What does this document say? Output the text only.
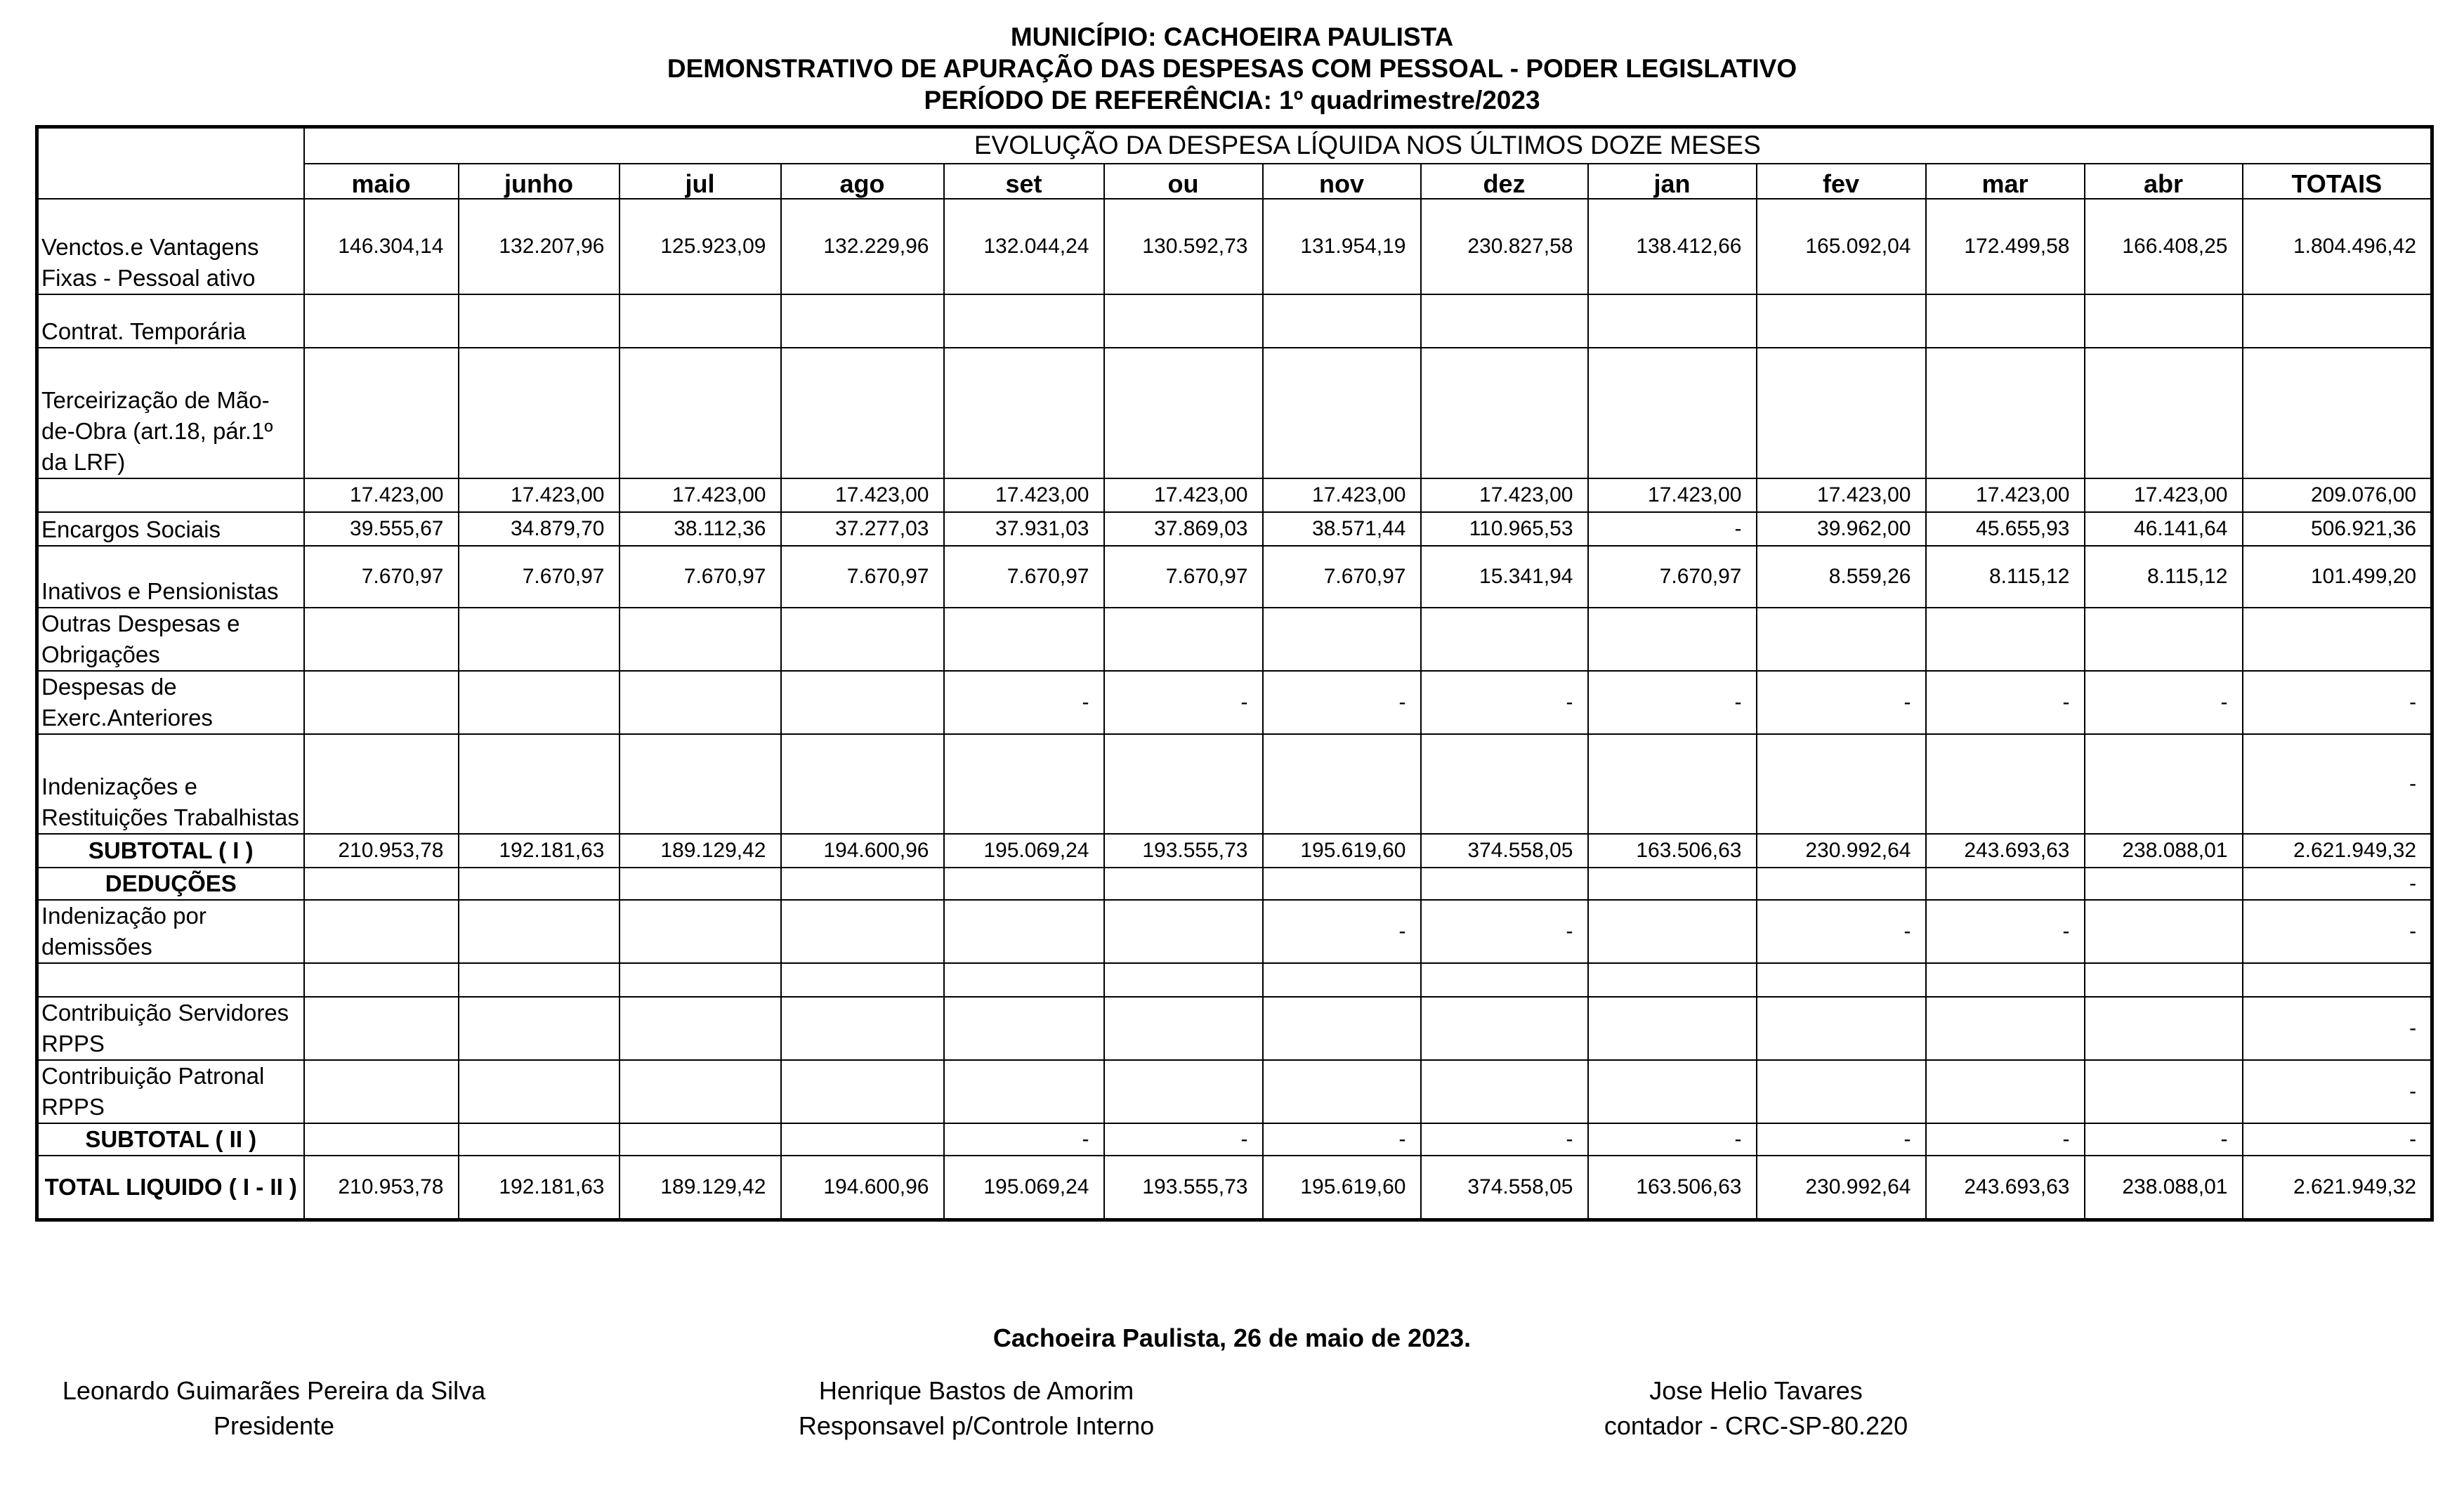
MUNICÍPIO: CACHOEIRA PAULISTA
DEMONSTRATIVO DE APURAÇÃO DAS DESPESAS COM PESSOAL - PODER LEGISLATIVO
PERÍODO DE REFERÊNCIA: 1º quadrimestre/2023
	EVOLUÇÃO DA DESPESA LÍQUIDA NOS ÚLTIMOS DOZE MESES												
	maio	junho	jul	ago	set	ou	nov	dez	jan	fev	mar	abr	TOTAIS
Venctos.e Vantagens Fixas - Pessoal ativo	146.304,14	132.207,96	125.923,09	132.229,96	132.044,24	130.592,73	131.954,19	230.827,58	138.412,66	165.092,04	172.499,58	166.408,25	1.804.496,42
Contrat. Temporária													
Terceirização de Mão-de-Obra (art.18, pár.1º da LRF)													
	17.423,00	17.423,00	17.423,00	17.423,00	17.423,00	17.423,00	17.423,00	17.423,00	17.423,00	17.423,00	17.423,00	17.423,00	209.076,00
Encargos Sociais	39.555,67	34.879,70	38.112,36	37.277,03	37.931,03	37.869,03	38.571,44	110.965,53	-	39.962,00	45.655,93	46.141,64	506.921,36
Inativos e Pensionistas	7.670,97	7.670,97	7.670,97	7.670,97	7.670,97	7.670,97	7.670,97	15.341,94	7.670,97	8.559,26	8.115,12	8.115,12	101.499,20
Outras Despesas e Obrigações													
Despesas de Exerc.Anteriores					-	-	-	-	-	-	-	-	-
Indenizações e Restituições Trabalhistas													-
SUBTOTAL ( I )	210.953,78	192.181,63	189.129,42	194.600,96	195.069,24	193.555,73	195.619,60	374.558,05	163.506,63	230.992,64	243.693,63	238.088,01	2.621.949,32
DEDUÇÕES													-
Indenização por demissões							-	-		-	-		-

Contribuição Servidores RPPS													-
Contribuição Patronal RPPS													-
SUBTOTAL ( II )					-	-	-	-	-	-	-	-	-
TOTAL LIQUIDO ( I - II )	210.953,78	192.181,63	189.129,42	194.600,96	195.069,24	193.555,73	195.619,60	374.558,05	163.506,63	230.992,64	243.693,63	238.088,01	2.621.949,32
Cachoeira Paulista, 26 de maio de 2023.
Leonardo Guimarães Pereira da Silva
Presidente
Henrique Bastos de Amorim
Responsavel p/Controle Interno
Jose Helio Tavares
contador - CRC-SP-80.220
